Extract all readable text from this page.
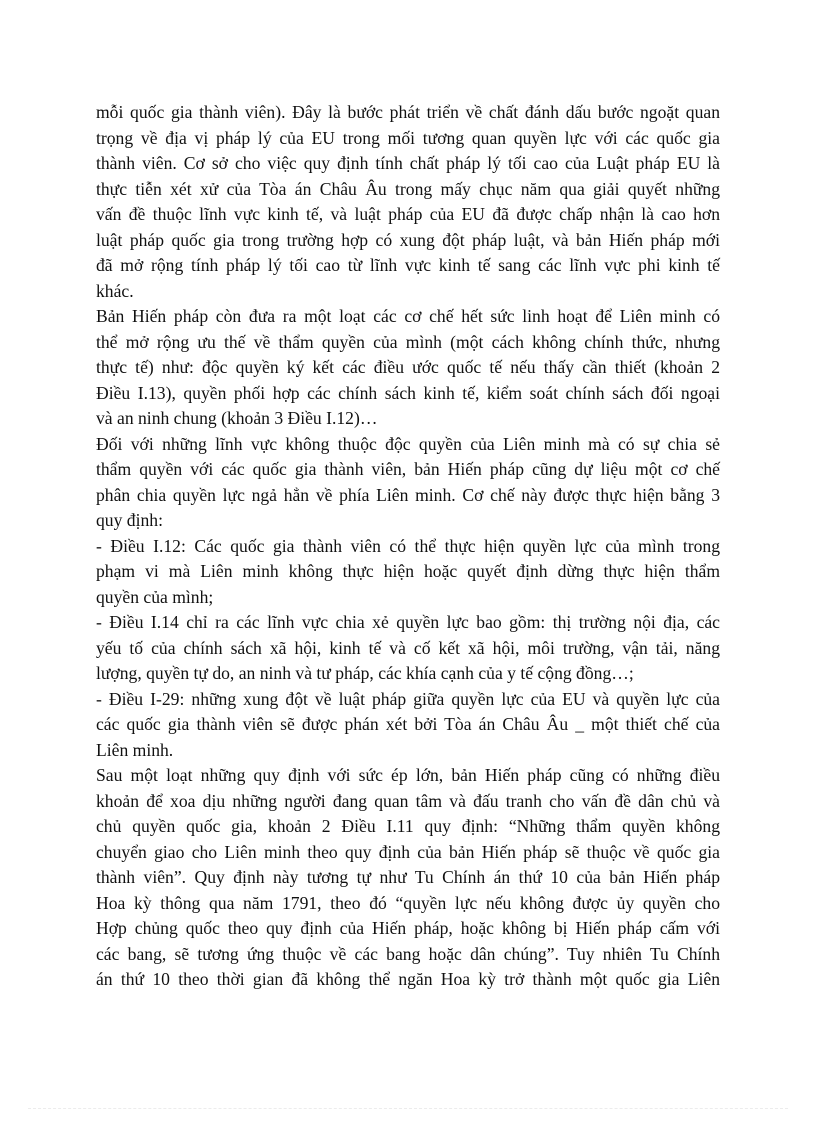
mỗi quốc gia thành viên). Đây là bước phát triển về chất đánh dấu bước ngoặt quan
trọng về địa vị pháp lý của EU trong mối tương quan quyền lực với các quốc gia
thành viên. Cơ sở cho việc quy định tính chất pháp lý tối cao của Luật pháp EU là
thực tiễn xét xử của Tòa án Châu Âu trong mấy chục năm qua giải quyết những
vấn đề thuộc lĩnh vực kinh tế, và luật pháp của EU đã được chấp nhận là cao hơn
luật pháp quốc gia trong trường hợp có xung đột pháp luật, và bản Hiến pháp mới
đã mở rộng tính pháp lý tối cao từ lĩnh vực kinh tế sang các lĩnh vực phi kinh tế
khác.
Bản Hiến pháp còn đưa ra một loạt các cơ chế hết sức linh hoạt để Liên minh có
thể mở rộng ưu thế về thẩm quyền của mình (một cách không chính thức, nhưng
thực tế) như: độc quyền ký kết các điều ước quốc tế nếu thấy cần thiết (khoản 2
Điều I.13), quyền phối hợp các chính sách kinh tế, kiểm soát chính sách đối ngoại
và an ninh chung (khoản 3 Điều I.12)…
Đối với những lĩnh vực không thuộc độc quyền của Liên minh mà có sự chia sẻ
thẩm quyền với các quốc gia thành viên, bản Hiến pháp cũng dự liệu một cơ chế
phân chia quyền lực ngả hẳn về phía Liên minh. Cơ chế này được thực hiện bằng 3
quy định:
- Điều I.12: Các quốc gia thành viên có thể thực hiện quyền lực của mình trong
phạm vi mà Liên minh không thực hiện hoặc quyết định dừng thực hiện thẩm
quyền của mình;
- Điều I.14 chỉ ra các lĩnh vực chia xẻ quyền lực bao gồm: thị trường nội địa, các
yếu tố của chính sách xã hội, kinh tế và cố kết xã hội, môi trường, vận tải, năng
lượng, quyền tự do, an ninh và tư pháp, các khía cạnh của y tế cộng đồng…;
- Điều I-29: những xung đột về luật pháp giữa quyền lực của EU và quyền lực của
các quốc gia thành viên sẽ được phán xét bởi Tòa án Châu Âu _ một thiết chế của
Liên minh.
Sau một loạt những quy định với sức ép lớn, bản Hiến pháp cũng có những điều
khoản để xoa dịu những người đang quan tâm và đấu tranh cho vấn đề dân chủ và
chủ quyền quốc gia, khoản 2 Điều I.11 quy định: “Những thẩm quyền không
chuyển giao cho Liên minh theo quy định của bản Hiến pháp sẽ thuộc về quốc gia
thành viên”. Quy định này tương tự như Tu Chính án thứ 10 của bản Hiến pháp
Hoa kỳ thông qua năm 1791, theo đó “quyền lực nếu không được ủy quyền cho
Hợp chủng quốc theo quy định của Hiến pháp, hoặc không bị Hiến pháp cấm với
các bang, sẽ tương ứng thuộc về các bang hoặc dân chúng”. Tuy nhiên Tu Chính
án thứ 10 theo thời gian đã không thể ngăn Hoa kỳ trở thành một quốc gia Liên
